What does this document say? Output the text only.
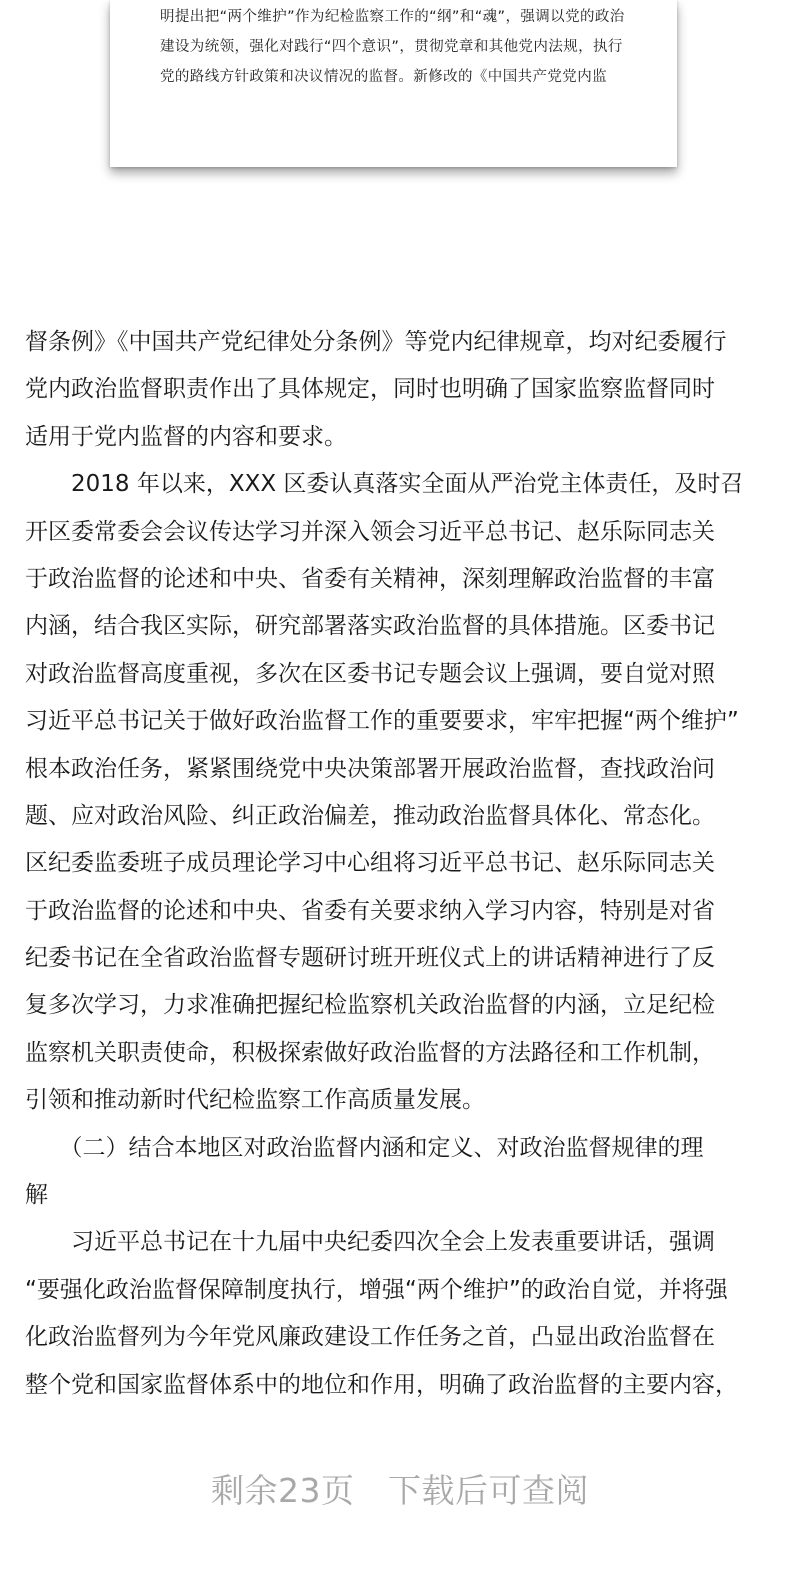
明提出把“两个维护”作为纪检监察工作的“纲”和“魂”，强调以党的政治
建设为统领，强化对践行“四个意识”，贯彻党章和其他党内法规，执行
党的路线方针政策和决议情况的监督。新修改的《中国共产党党内监
督条例》《中国共产党纪律处分条例》等党内纪律规章，均对纪委履行
党内政治监督职责作出了具体规定，同时也明确了国家监察监督同时
适用于党内监督的内容和要求。
　　2018 年以来，XXX 区委认真落实全面从严治党主体责任，及时召
开区委常委会会议传达学习并深入领会习近平总书记、赵乐际同志关
于政治监督的论述和中央、省委有关精神，深刻理解政治监督的丰富
内涵，结合我区实际，研究部署落实政治监督的具体措施。区委书记
对政治监督高度重视，多次在区委书记专题会议上强调，要自觉对照
习近平总书记关于做好政治监督工作的重要要求，牢牢把握“两个维护”
根本政治任务，紧紧围绕党中央决策部署开展政治监督，查找政治问
题、应对政治风险、纠正政治偏差，推动政治监督具体化、常态化。
区纪委监委班子成员理论学习中心组将习近平总书记、赵乐际同志关
于政治监督的论述和中央、省委有关要求纳入学习内容，特别是对省
纪委书记在全省政治监督专题研讨班开班仪式上的讲话精神进行了反
复多次学习，力求准确把握纪检监察机关政治监督的内涵，立足纪检
监察机关职责使命，积极探索做好政治监督的方法路径和工作机制，
引领和推动新时代纪检监察工作高质量发展。
　　（二）结合本地区对政治监督内涵和定义、对政治监督规律的理
解
　　习近平总书记在十九届中央纪委四次全会上发表重要讲话，强调
“要强化政治监督保障制度执行，增强“两个维护”的政治自觉，并将强
化政治监督列为今年党风廉政建设工作任务之首，凸显出政治监督在
整个党和国家监督体系中的地位和作用，明确了政治监督的主要内容，
剩余23页　下载后可查阅
